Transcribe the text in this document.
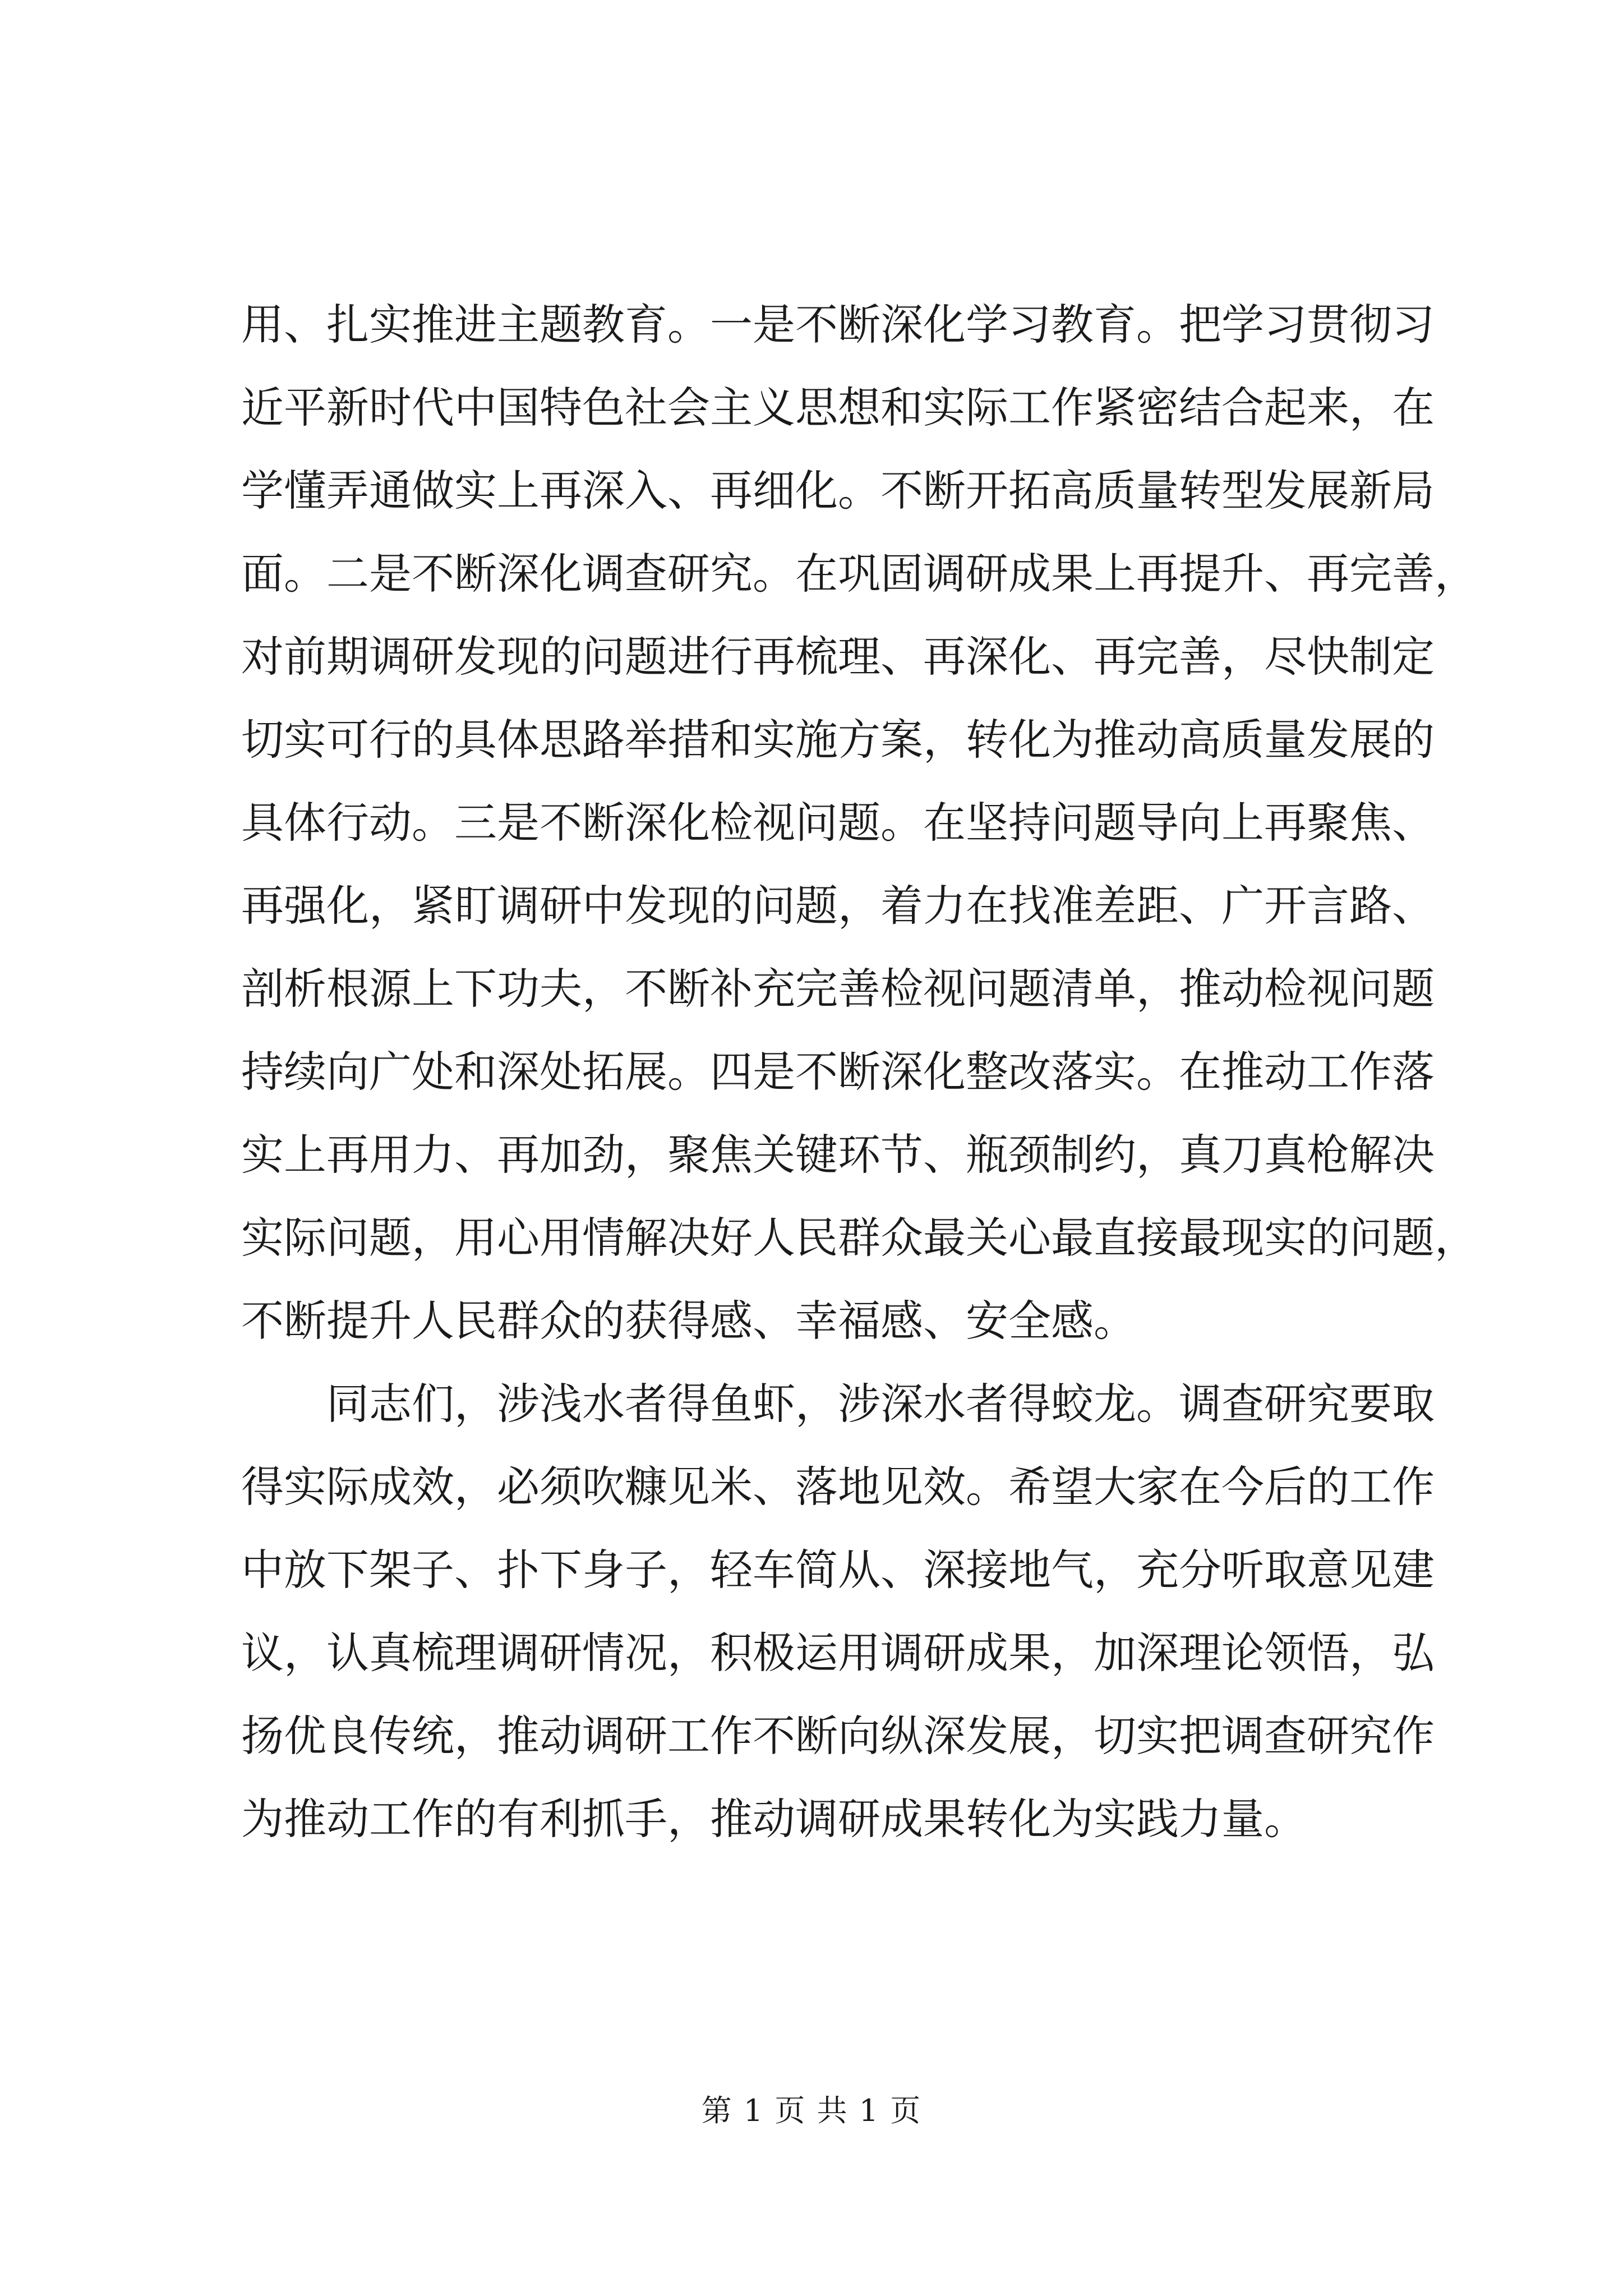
用、扎实推进主题教育。一是不断深化学习教育。把学习贯彻习
近平新时代中国特色社会主义思想和实际工作紧密结合起来，在
学懂弄通做实上再深入、再细化。不断开拓高质量转型发展新局
面。二是不断深化调查研究。在巩固调研成果上再提升、再完善，
对前期调研发现的问题进行再梳理、再深化、再完善，尽快制定
切实可行的具体思路举措和实施方案，转化为推动高质量发展的
具体行动。三是不断深化检视问题。在坚持问题导向上再聚焦、
再强化，紧盯调研中发现的问题，着力在找准差距、广开言路、
剖析根源上下功夫，不断补充完善检视问题清单，推动检视问题
持续向广处和深处拓展。四是不断深化整改落实。在推动工作落
实上再用力、再加劲，聚焦关键环节、瓶颈制约，真刀真枪解决
实际问题，用心用情解决好人民群众最关心最直接最现实的问题，
不断提升人民群众的获得感、幸福感、安全感。
　　同志们，涉浅水者得鱼虾，涉深水者得蛟龙。调查研究要取
得实际成效，必须吹糠见米、落地见效。希望大家在今后的工作
中放下架子、扑下身子，轻车简从、深接地气，充分听取意见建
议，认真梳理调研情况，积极运用调研成果，加深理论领悟，弘
扬优良传统，推动调研工作不断向纵深发展，切实把调查研究作
为推动工作的有利抓手，推动调研成果转化为实践力量。
第 1 页 共 1 页
